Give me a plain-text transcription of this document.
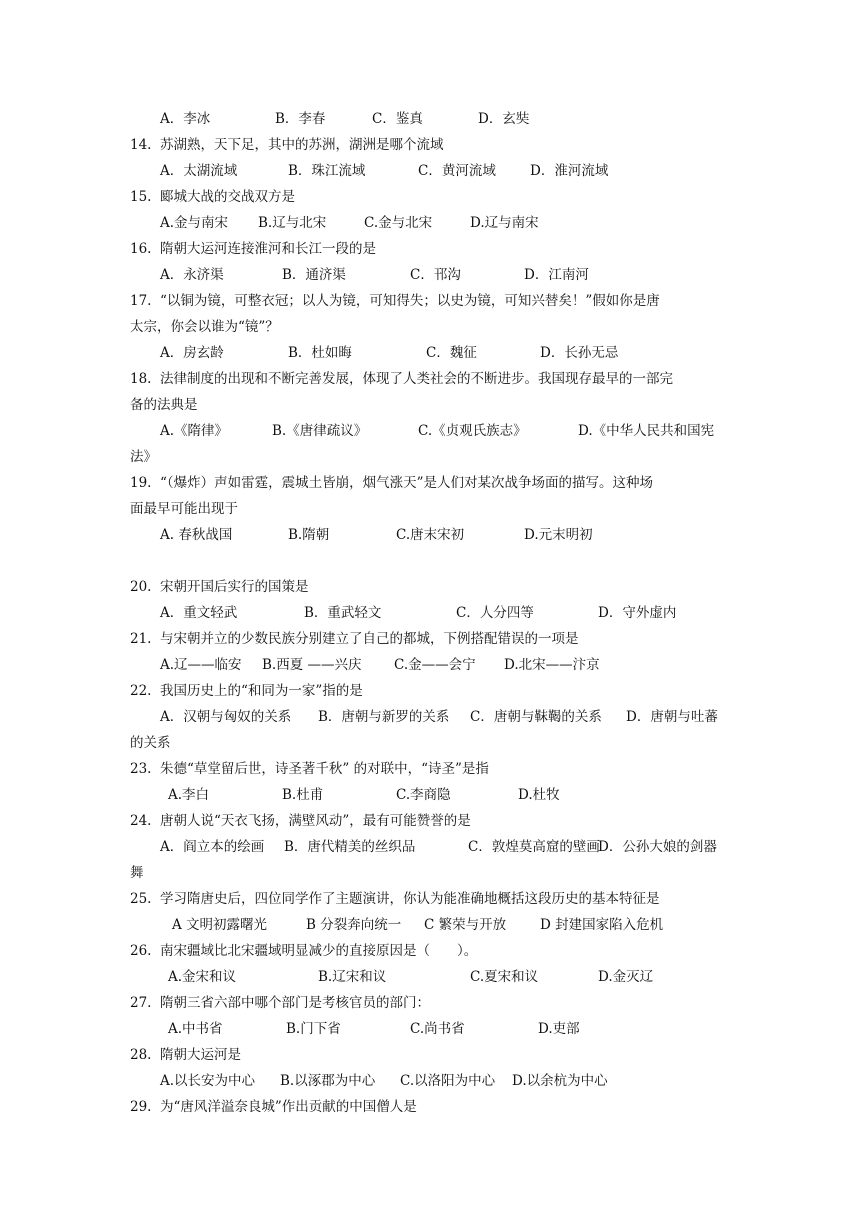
A．李冰	B．李春	C．鉴真	D．玄奘
14. 苏湖熟，天下足，其中的苏洲，湖洲是哪个流域
A．太湖流域	B．珠江流域	C．黄河流域	D．淮河流域
15. 郾城大战的交战双方是
A.金与南宋 B.辽与北宋	C.金与北宋	D.辽与南宋
16. 隋朝大运河连接淮河和长江一段的是
A．永济渠	B．通济渠	C．邗沟	D．江南河
17. “以铜为镜，可整衣冠；以人为镜，可知得失；以史为镜，可知兴替矣！”假如你是唐
太宗，你会以谁为“镜”？
A．房玄龄	B．杜如晦	C．魏征	D．长孙无忌
18. 法律制度的出现和不断完善发展，体现了人类社会的不断进步。我国现存最早的一部完
备的法典是
A.《隋律》	B.《唐律疏议》	C.《贞观氏族志》	D.《中华人民共和国宪
法》
19. “（爆炸）声如雷霆，震城土皆崩，烟气涨天”是人们对某次战争场面的描写。这种场
面最早可能出现于
A. 春秋战国	B.隋朝	C.唐末宋初	D.元末明初
20. 宋朝开国后实行的国策是
A．重文轻武	B．重武轻文	C．人分四等	D．守外虚内
21. 与宋朝并立的少数民族分别建立了自己的都城，下例搭配错误的一项是
A.辽——临安 B.西夏 ——兴庆 C.金——会宁 D.北宋——汴京
22. 我国历史上的“和同为一家”指的是
A．汉朝与匈奴的关系 B．唐朝与新罗的关系 C．唐朝与靺鞨的关系 D．唐朝与吐蕃
的关系
23. 朱德“草堂留后世，诗圣著千秋” 的对联中，“诗圣”是指
A.李白	B.杜甫	C.李商隐	D.杜牧
24. 唐朝人说“天衣飞扬，满壁风动”，最有可能赞誉的是
A．阎立本的绘画 B．唐代精美的丝织品	C．敦煌莫高窟的壁画
D．公孙大娘的剑器
舞
25. 学习隋唐史后，四位同学作了主题演讲，你认为能准确地概括这段历史的基本特征是
A 文明初露曙光	B 分裂奔向统一 C 繁荣与开放	D 封建国家陷入危机
26. 南宋疆域比北宋疆域明显减少的直接原因是（　　）。
A.金宋和议	B.辽宋和议	C.夏宋和议	D.金灭辽
27. 隋朝三省六部中哪个部门是考核官员的部门：
A.中书省	B.门下省	C.尚书省	D.吏部
28. 隋朝大运河是
A.以长安为中心 B.以涿郡为中心 C.以洛阳为中心 D.以余杭为中心
29. 为“唐风洋溢奈良城”作出贡献的中国僧人是
